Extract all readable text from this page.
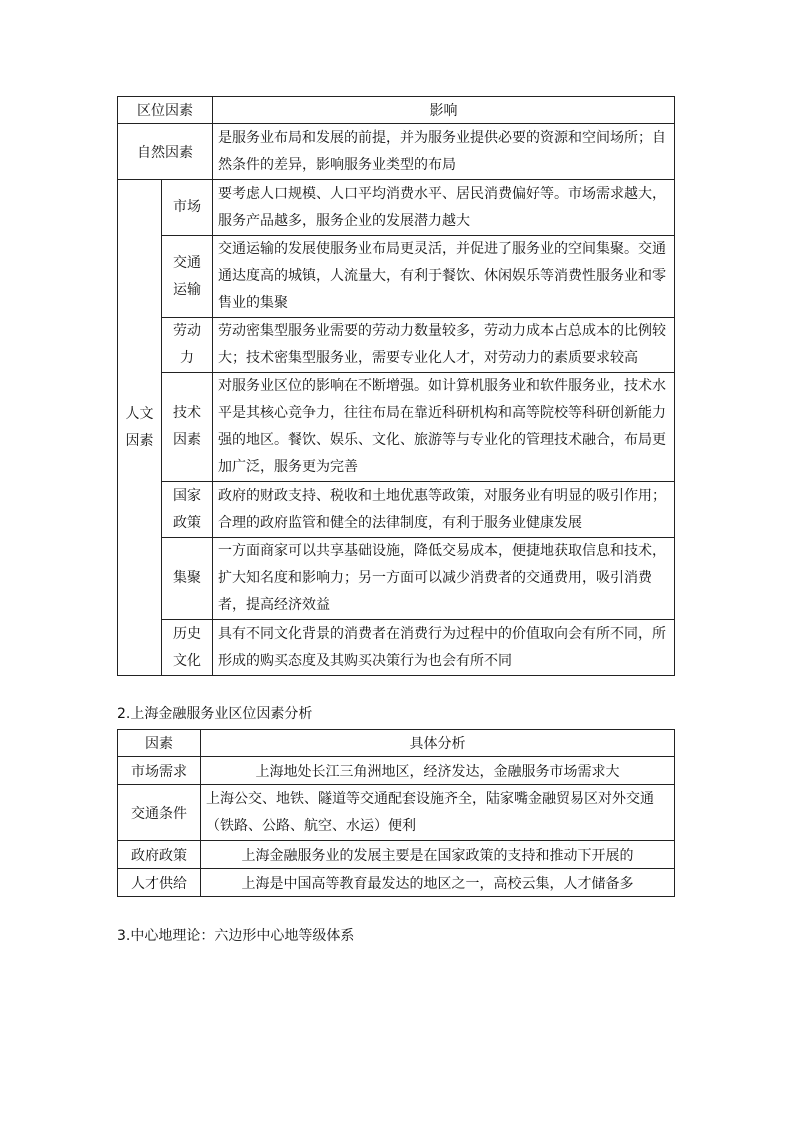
区位因素		影响
自然因素		是服务业布局和发展的前提，并为服务业提供必要的资源和空间场所；自然条件的差异，影响服务业类型的布局
人文因素	市场	要考虑人口规模、人口平均消费水平、居民消费偏好等。市场需求越大，服务产品越多，服务企业的发展潜力越大
	交通运输	交通运输的发展使服务业布局更灵活，并促进了服务业的空间集聚。交通通达度高的城镇，人流量大，有利于餐饮、休闲娱乐等消费性服务业和零售业的集聚
	劳动力	劳动密集型服务业需要的劳动力数量较多，劳动力成本占总成本的比例较大；技术密集型服务业，需要专业化人才，对劳动力的素质要求较高
	技术因素	对服务业区位的影响在不断增强。如计算机服务业和软件服务业，技术水平是其核心竞争力，往往布局在靠近科研机构和高等院校等科研创新能力强的地区。餐饮、娱乐、文化、旅游等与专业化的管理技术融合，布局更加广泛，服务更为完善
	国家政策	政府的财政支持、税收和土地优惠等政策，对服务业有明显的吸引作用；合理的政府监管和健全的法律制度，有利于服务业健康发展
	集聚	一方面商家可以共享基础设施，降低交易成本，便捷地获取信息和技术，扩大知名度和影响力；另一方面可以减少消费者的交通费用，吸引消费者，提高经济效益
	历史文化	具有不同文化背景的消费者在消费行为过程中的价值取向会有所不同，所形成的购买态度及其购买决策行为也会有所不同
2.上海金融服务业区位因素分析
因素	具体分析
市场需求	上海地处长江三角洲地区，经济发达，金融服务市场需求大
交通条件	上海公交、地铁、隧道等交通配套设施齐全，陆家嘴金融贸易区对外交通（铁路、公路、航空、水运）便利
政府政策	上海金融服务业的发展主要是在国家政策的支持和推动下开展的
人才供给	上海是中国高等教育最发达的地区之一，高校云集，人才储备多
3.中心地理论：六边形中心地等级体系
